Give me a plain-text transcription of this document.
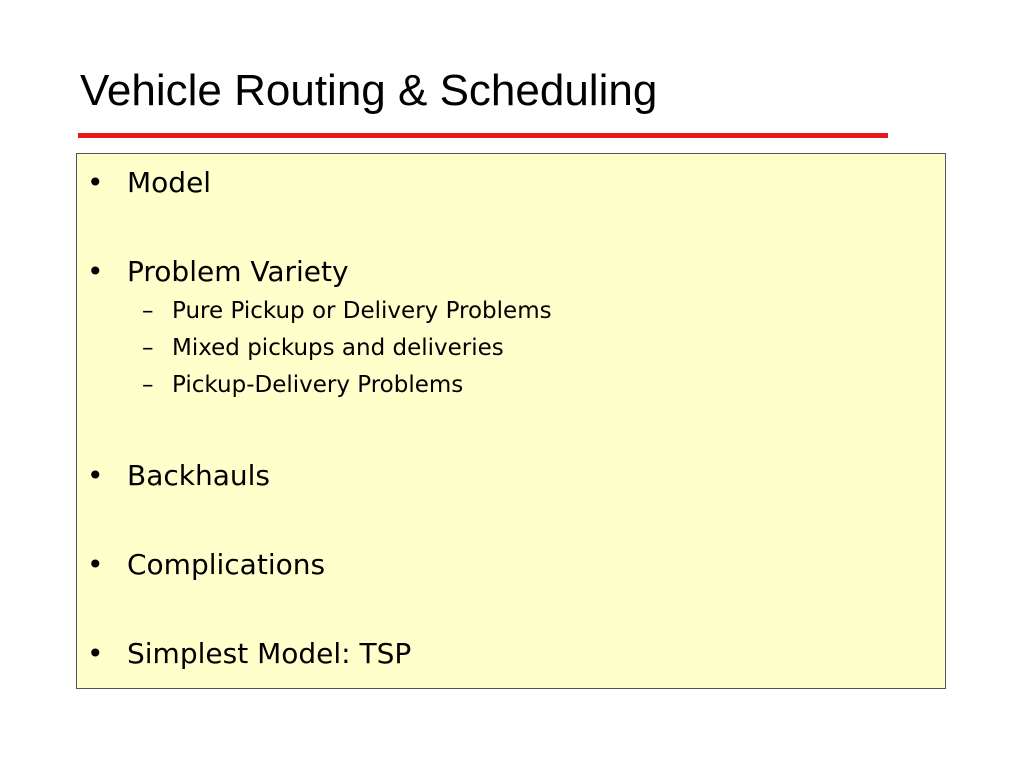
Vehicle Routing & Scheduling
• Model
• Problem Variety
– Pure Pickup or Delivery Problems
– Mixed pickups and deliveries
– Pickup-Delivery Problems
• Backhauls
• Complications
• Simplest Model: TSP
